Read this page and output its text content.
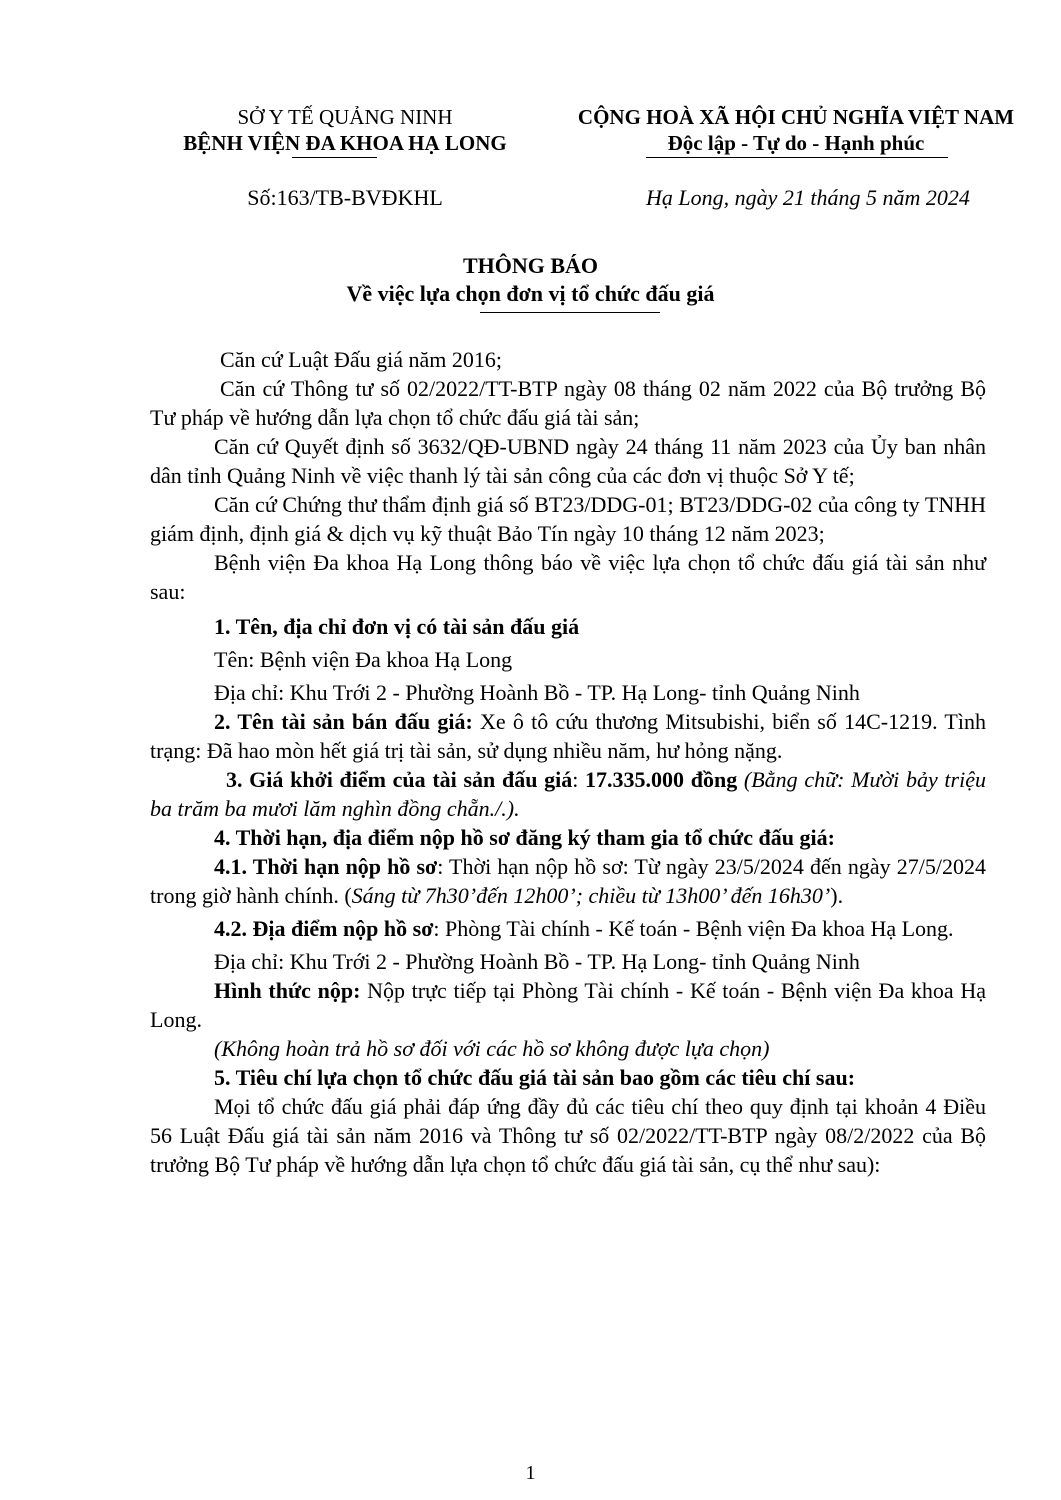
SỞ Y TẾ QUẢNG NINH
BỆNH VIỆN ĐA KHOA HẠ LONG
CỘNG HOÀ XÃ HỘI CHỦ NGHĨA VIỆT NAM
Độc lập - Tự do - Hạnh phúc
Số:163/TB-BVĐKHL	Hạ Long, ngày 21 tháng 5 năm 2024
THÔNG BÁO
Về việc lựa chọn đơn vị tổ chức đấu giá

Căn cứ Luật Đấu giá năm 2016;

Căn cứ Thông tư số 02/2022/TT-BTP ngày 08 tháng 02 năm 2022 của Bộ trưởng Bộ Tư pháp về hướng dẫn lựa chọn tổ chức đấu giá tài sản;

Căn cứ Quyết định số 3632/QĐ-UBND ngày 24 tháng 11 năm 2023 của Ủy ban nhân dân tỉnh Quảng Ninh về việc thanh lý tài sản công của các đơn vị thuộc Sở Y tế;

Căn cứ Chứng thư thẩm định giá số BT23/DDG-01; BT23/DDG-02 của công ty TNHH giám định, định giá & dịch vụ kỹ thuật Bảo Tín ngày 10 tháng 12 năm 2023;

Bệnh viện Đa khoa Hạ Long thông báo về việc lựa chọn tổ chức đấu giá tài sản như sau:

1. Tên, địa chỉ đơn vị có tài sản đấu giá

Tên: Bệnh viện Đa khoa Hạ Long

Địa chỉ: Khu Trới 2 - Phường Hoành Bồ - TP. Hạ Long- tỉnh Quảng Ninh

2. Tên tài sản bán đấu giá: Xe ô tô cứu thương Mitsubishi, biển số 14C-1219. Tình trạng: Đã hao mòn hết giá trị tài sản, sử dụng nhiều năm, hư hỏng nặng.

3. Giá khởi điểm của tài sản đấu giá: 17.335.000 đồng (Bằng chữ: Mười bảy triệu ba trăm ba mươi lăm nghìn đồng chẵn./.).

4. Thời hạn, địa điểm nộp hồ sơ đăng ký tham gia tổ chức đấu giá:

4.1. Thời hạn nộp hồ sơ: Thời hạn nộp hồ sơ: Từ ngày 23/5/2024 đến ngày 27/5/2024 trong giờ hành chính. (Sáng từ 7h30’đến 12h00’; chiều từ 13h00’ đến 16h30’).

4.2. Địa điểm nộp hồ sơ: Phòng Tài chính - Kế toán - Bệnh viện Đa khoa Hạ Long.

Địa chỉ: Khu Trới 2 - Phường Hoành Bồ - TP. Hạ Long- tỉnh Quảng Ninh

Hình thức nộp: Nộp trực tiếp tại Phòng Tài chính - Kế toán - Bệnh viện Đa khoa Hạ Long.

(Không hoàn trả hồ sơ đối với các hồ sơ không được lựa chọn)

5. Tiêu chí lựa chọn tổ chức đấu giá tài sản bao gồm các tiêu chí sau:

Mọi tổ chức đấu giá phải đáp ứng đầy đủ các tiêu chí theo quy định tại khoản 4 Điều 56 Luật Đấu giá tài sản năm 2016 và Thông tư số 02/2022/TT-BTP ngày 08/2/2022 của Bộ trưởng Bộ Tư pháp về hướng dẫn lựa chọn tổ chức đấu giá tài sản, cụ thể như sau):

1
